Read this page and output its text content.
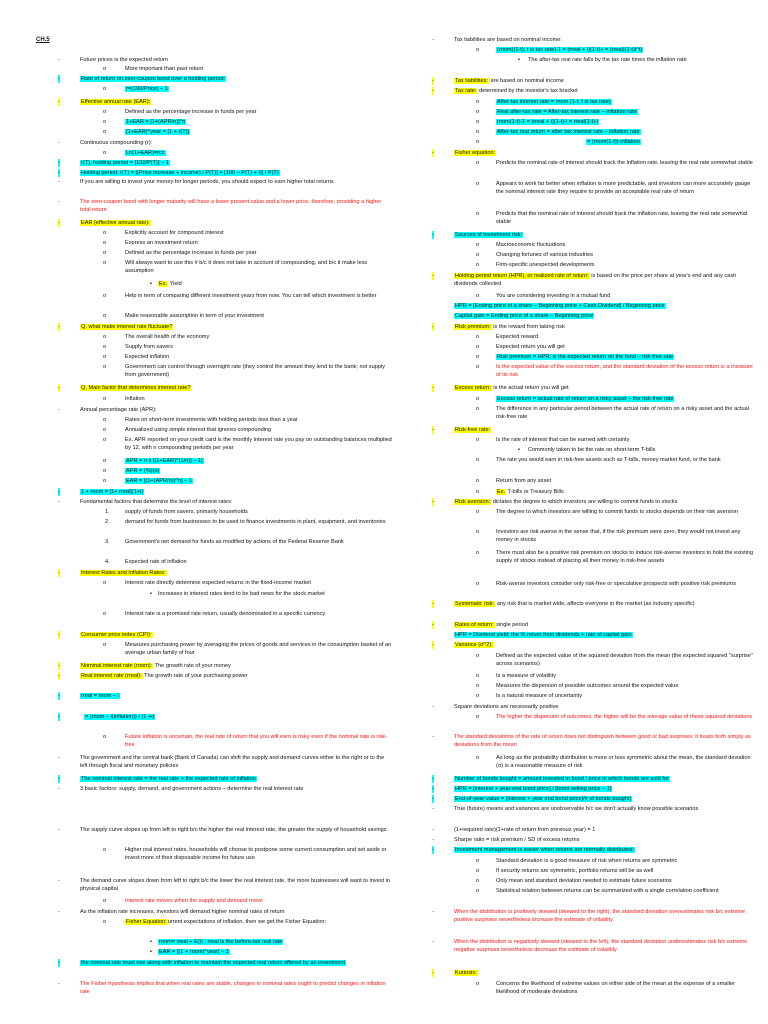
CH.5
-	Future prices is the expected return
o	More important than past return
-	Rate of return on zero-coupon bond over a holding period:
o	r=(100/Price) – 1
-	Effective annual rate (EAR):
o	Defined as the percentage increase in funds per year
o	1+EAR = [1+(APR/n)]^n
o	(1+EAR)^year = [1 + r(T)]
-	Continuous compounding (r):
o	Ln(1+EAR)=rcc
-	r(T), holding period = [100/P(T)] – 1
-	Holding period; r(T) = [(Price increase + income) / P(T)] = [100 – P(T) + 0] / P(T)
-	If you are willing to invest your money for longer periods, you should expect to earn higher total returns
-	The zero-coupon bond with longer maturity will have a lower present value and a lower price, therefore, providing a higher total return
-	EAR (effective annual rate):
o	Explicitly account for compound interest
o	Express an investment return
o	Defined as the percentage increase in funds per year
o	Will always want to use this # b/c it does not take in account of compounding, and b/c it make less assumption
▪ Ex. Yield
o	Help in term of comparing different investment years from now. You can tell which investment is better
o	Make reasonable assumption in term of your investment
-	Q. what make interest rate fluctuate?
o	The overall health of the economy
o	Supply from savers
o	Expected inflation
o	Government can control through overnight rate (they control the amount they lend to the bank; not supply from government)
-	Q. Main factor that determines interest rate?
o	Inflation
-	Annual percentage rate (APR):
o	Rates on short-term investments with holding periods less than a year
o	Annualized using simple interest that ignores compounding
o	Ex. APR reported on your credit card is the monthly interest rate you pay on outstanding balances multiplied by 12, with n compounding periods per year
o	APR = n x [(1+EAR)^(1/n)] – 1]
o	APR = (%)(n)
o	EAR = [(1+(APR/n))^n] – 1
-	1 + rnom = [1+ rreal](1+i)
-	Fundamental factors that determine the level of interest rates:
1.	supply of funds from savers, primarily households
2.	demand for funds from businesses to be used to finance investments in plant, equipment, and inventories
3.	Government's net demand for funds as modified by actions of the Federal Reserve Bank
4.	Expected rate of inflation
-	Interest Rates and Inflation Rates:
o	Interest rate directly determine expected returns in the fixed-income market
▪ Increases in interest rates tend to be bad news for the stock market
o	Interest rate is a promised rate return, usually denominated in a specific currency
-	Consumer price index (CPI):
o	Measures purchasing power by averaging the prices of goods and services in the consumption basket of an average urban family of four
-	Nominal interest rate (rnom): The growth rate of your money
-	Real interest rate (rreal): The growth rate of your purchasing power
-	rreal = rnom – i
-	= (rnom – i(inflation)) / (1 +i)
o	Future inflation is uncertain, the real rate of return that you will earn is risky even if the nominal rate is risk-free
-	The government and the central bank (Bank of Canada) can shift the supply and demand curves either to the right or to the left through fiscal and monetary policies
-	The nominal interest rate = the real rate + the expected rate of inflation
-	3 basic factors: supply, demand, and government actions – determine the real interest rate
-	The supply curve slopes up from left to right b/c the higher the real interest rate, the greater the supply of household savings
o	Higher real interest rates, households will choose to postpone some current consumption and set aside or invest more of their disposable income for future use
-	The demand curve slopes down from left to right b/c the lower the real interest rate, the more businesses will want to invest in physical capital
o	Interest rate moves when the supply and demand move
-	As the inflation rate increases, investors will demand higher nominal rates of return
o	Fisher Equation:urrent expectations of inflation, then we get the Fisher Equation:
▪ rnom= rreal + E(i) ; rreal is the before-tax real rate
▪ EAR = [(1 + rnom)^year] – 1
-	the nominal rate must rise along with inflation to maintain the expected real return offered by an investment
-	The Fisher hypothesis implies that when real rates are stable, changes in nominal rates ought to predict changes in inflation rate
-	Tax liabilities are based on nominal income:
o	(rnom)(1-t); t is tax rate)-1 = (rreal + i)(1-t)-i = (rreal)(1-t)i^t)
▪ The after-tax real rate falls by the tax rate times the inflation rate
-	Tax liabilities: are based on nominal income
-	Tax rate: determined by the investor's tax bracket
o	After-tax interest rate = rnom (1-t; t is tax rate)
o	Real after-tax rate = After-tax interest rate – inflation rate
o	rnom(1-t)-1 = (rreal + i)(1-t)-i = rreal(1-t)-i
o	After-tax real return = after tax interest rate – inflation rate
o	= (rnom(1-t))-inflation
-	Fisher equation:
o	Predicts the nominal rate of interest should track the inflation rate, leaving the real rate somewhat stable
o	Appears to work far better when inflation is more predictable, and investors can more accurately gauge the nominal interest rate they require to provide an acceptable real rate of return
o	Predicts that the nominal rate of interest should track the inflation rate, leaving the real rate somewhat stable
-	Sources of investment risk:
o	Macroeconomic fluctuations
o	Changing fortunes of various industries
o	Firm-specific unexpected developments
-	Holding period return (HPR), or realized rate of return: is based on the price per share at year's end and any cash dividends collected
o	You are considering investing in a mutual fund
HPR = [Ending price of a share – Beginning price + Cash Dividend] / Beginning price
Capital gain = Ending price of a share – Beginning price
-	Risk premium: is the reward from taking risk
o	Expected reward
o	Expected return you will get
o	Risk premium = HPR; is the expected return on the fund – risk free rate
o	Is the expected value of the excess return, and the standard deviation of the excess return is a measure of its risk
-	Excess return: is the actual return you will get
o	Excess return = actual rate of return on a risky asset – the risk-free rate
o	The difference in any particular period between the actual rate of return on a risky asset and the actual risk-free rate
-	Risk-free rate:
o	Is the rate of interest that can be earned with certainty
▪ Commonly taken to be the rate on short-term T-bills
o	The rate you would earn in risk-free assets such as T-bills, money market fund, or the bank
o	Return from any asset
o	Ex. T-bills or Treasury Bills
-	Risk aversion: dictates the degree to which investors are willing to commit funds to stocks
o	The degree to which investors are willing to commit funds to stocks depends on their risk aversion
o	Investors are risk averse in the sense that, if the risk premium were zero, they would not invest any money in stocks
o	There must also be a positive risk premium on stocks to induce risk-averse investors to hold the existing supply of stocks instead of placing all their money in risk-free assets
o	Risk-averse investors consider only risk-free or speculative prospects with positive risk premiums
-	Systematic risk: any risk that is market wide, affects everyone in the market (as industry specific)
-	Rates of return: single period
HPR = Dividend yield; the % return from dividends + rate of capital gain
-	Variance (σ^2):
o	Defined as the expected value of the squared deviation from the mean (the expected squared "surprise" across scenarios)
o	Is a measure of volatility
o	Measures the dispersion of possible outcomes around the expected value
o	Is a natural measure of uncertainty
-	Square deviations are necessarily positive
o	The higher the dispersion of outcomes, the higher will be the average value of these squared deviations
-	The standard deviations of the rate of return does not distinguish between good or bad surprises; it treats both simply as deviations from the mean
o	As long as the probability distribution is more or less symmetric about the mean, the standard deviation (σ) is a reasonable measure of risk
-	Number of bonds bought = amount invested in bond / price in which bonds are sold for
-	HPR = [interest + year-end bond price] / [bond selling price – 1]
-	End-of-year-value = [interest + year end bond price]/# of bonds bought)
-	True (future) means and variances are unobservable b/c we don't actually know possible scenarios
-	(1+required rate)(1+rate of return from previous year) = 1
-	Sharpe ratio = risk premium / SD of excess returns
-	Investment management is easier when returns are normally distributed:
o	Standard deviation is a good measure of risk when returns are symmetric
o	If security returns are symmetric, portfolio returns will be as well
o	Only mean and standard deviation needed to estimate future scenarios
o	Statistical relation between returns can be summarized with a single correlation coefficient
-	When the distribution is positively skewed (skewed to the right), the standard deviation overestimates risk b/c extreme positive surprises nevertheless increase the estimate of volatility
-	When the distribution is negatively skewed (skewed to the left), the standard deviation underestimates risk b/c extreme negative surprises nevertheless decrease the estimate of volatility
-	Kurtosis:
o	Concerns the likelihood of extreme values on either side of the mean at the expense of a smaller likelihood of moderate deviations
